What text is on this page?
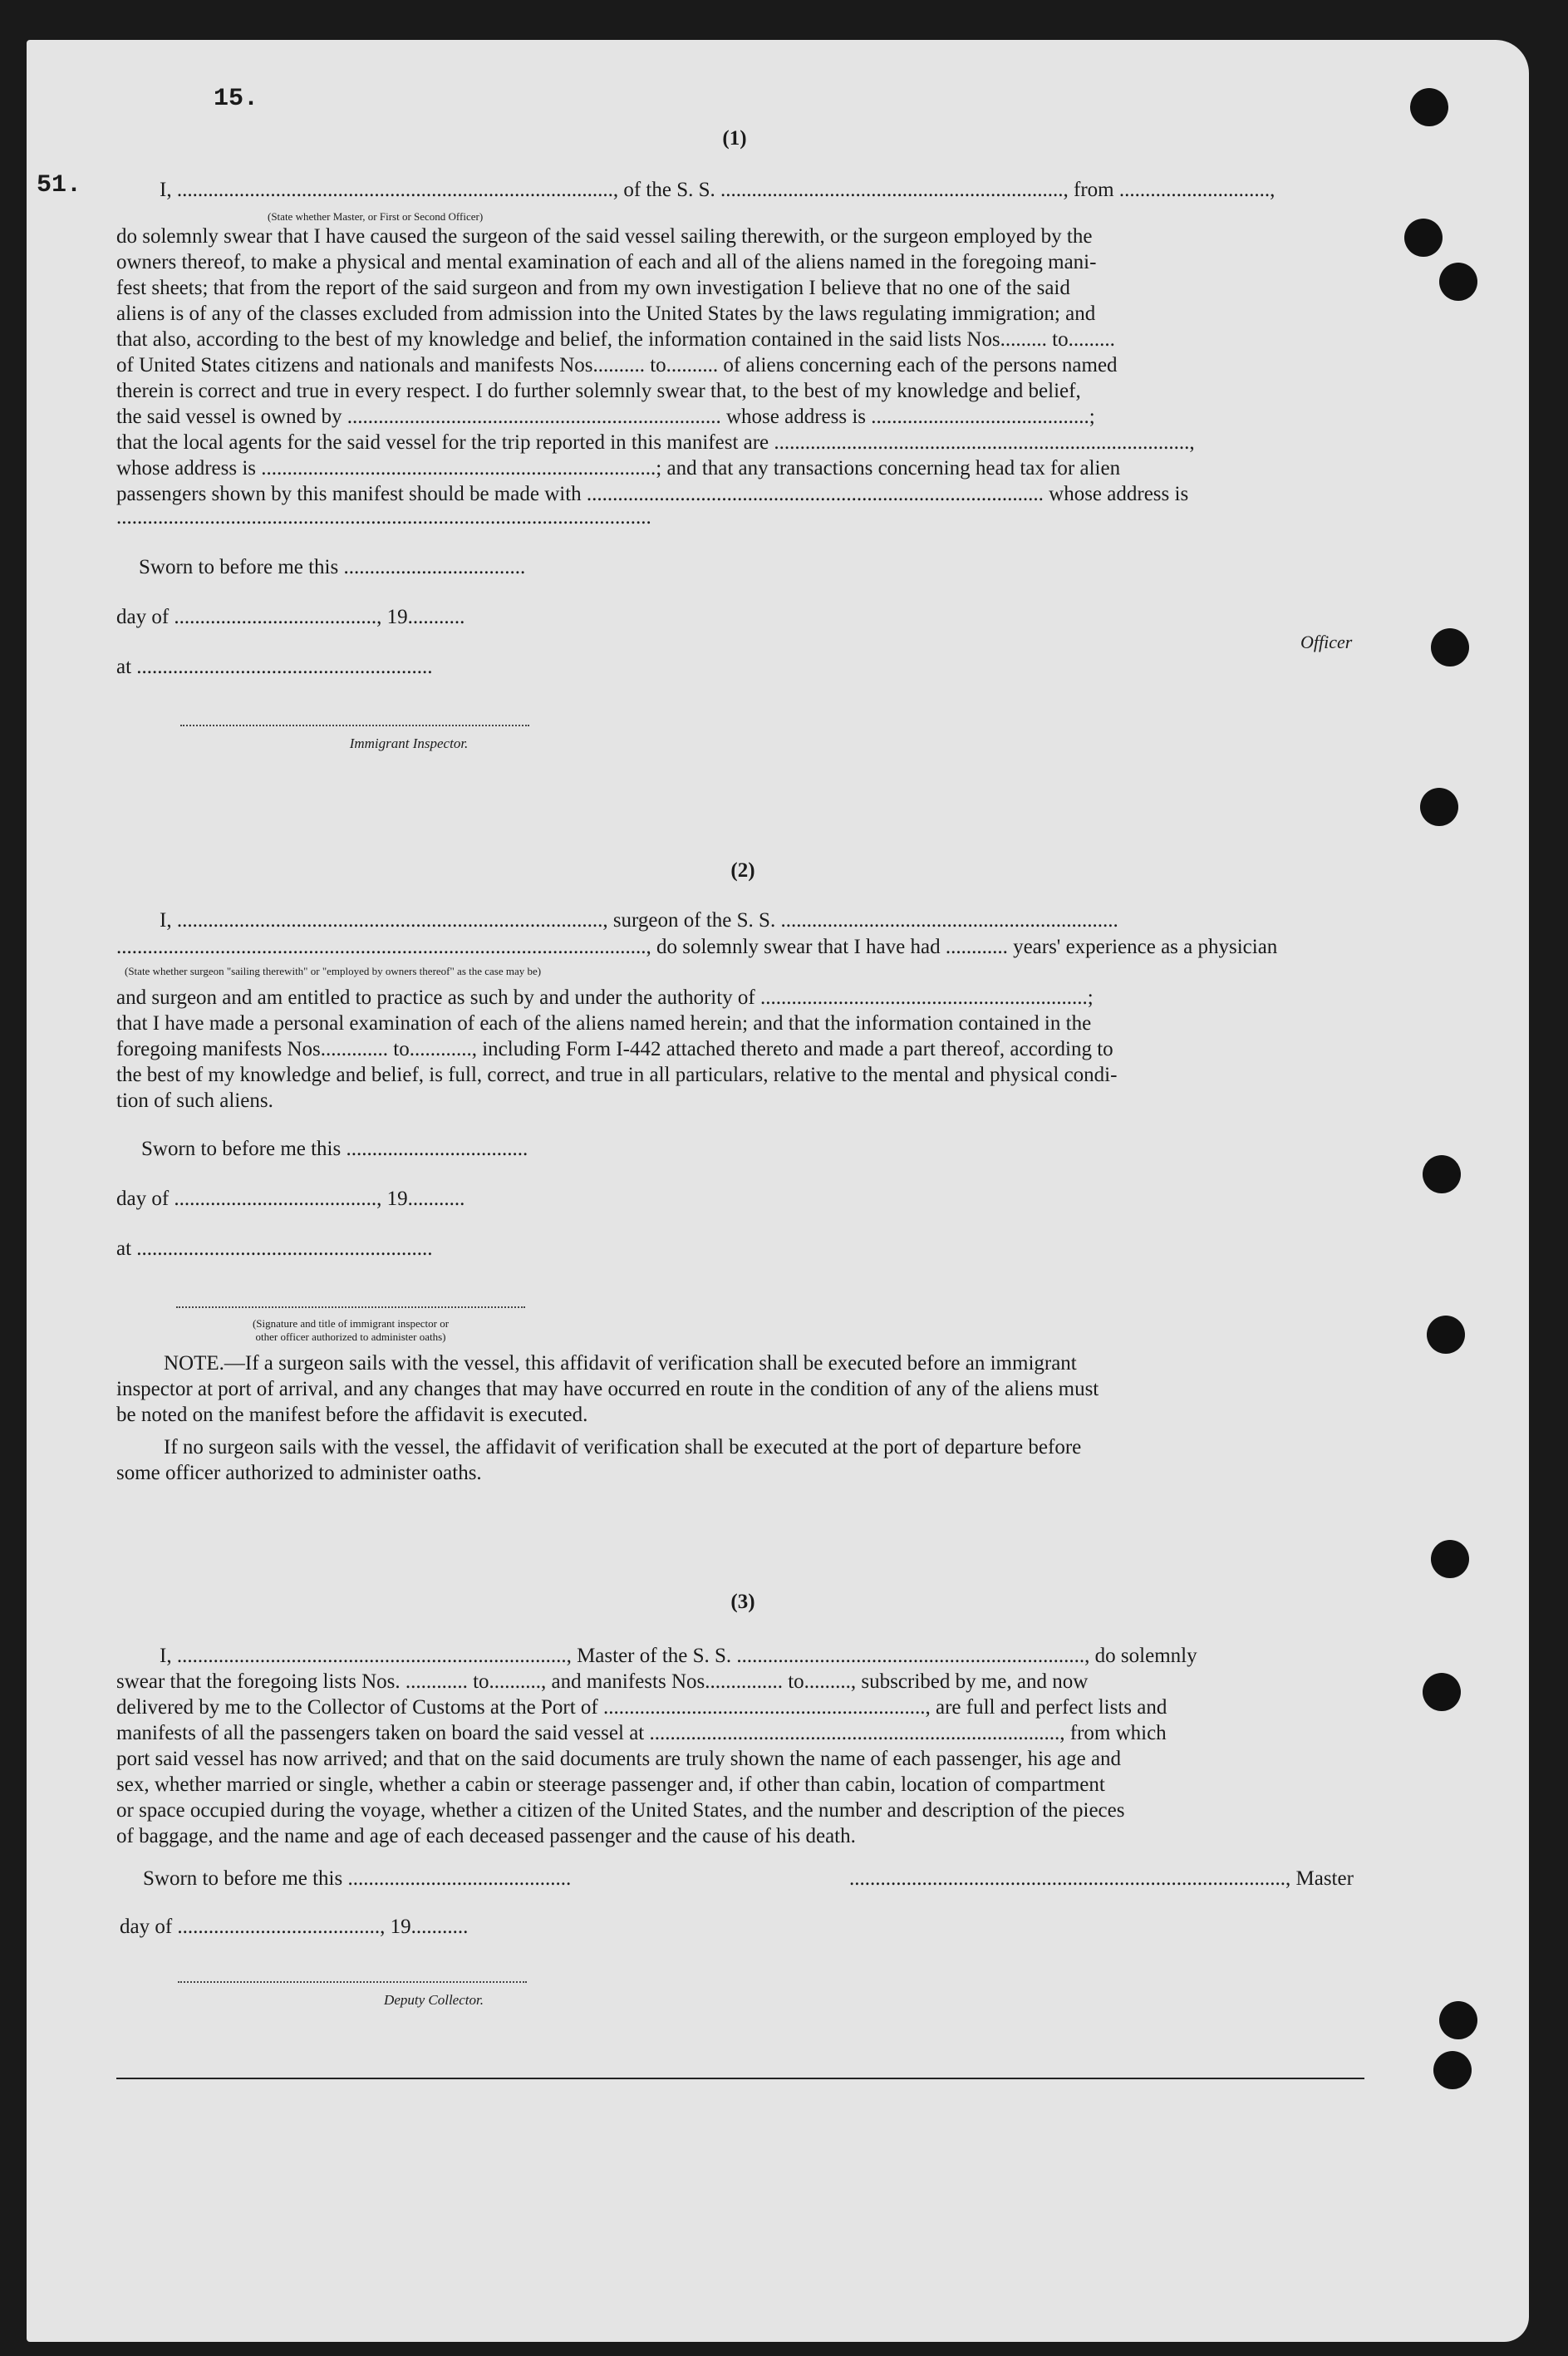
15.
51.
(1)
I, ...................................................................................., of the S. S. .................................................................., from .............................,
(State whether Master, or First or Second Officer)
do solemnly swear that I have caused the surgeon of the said vessel sailing therewith, or the surgeon employed by the
owners thereof, to make a physical and mental examination of each and all of the aliens named in the foregoing mani-
fest sheets; that from the report of the said surgeon and from my own investigation I believe that no one of the said
aliens is of any of the classes excluded from admission into the United States by the laws regulating immigration; and
that also, according to the best of my knowledge and belief, the information contained in the said lists Nos......... to.........
of United States citizens and nationals and manifests Nos.......... to.......... of aliens concerning each of the persons named
therein is correct and true in every respect. I do further solemnly swear that, to the best of my knowledge and belief,
the said vessel is owned by ........................................................................ whose address is ..........................................;
that the local agents for the said vessel for the trip reported in this manifest are ................................................................................,
whose address is ............................................................................; and that any transactions concerning head tax for alien
passengers shown by this manifest should be made with ........................................................................................ whose address is
.......................................................................................................
Sworn to before me this ...................................
day of ......................................., 19...........
Officer
at .........................................................
Immigrant Inspector.
(2)
I, .................................................................................., surgeon of the S. S. .................................................................
......................................................................................................, do solemnly swear that I have had ............ years' experience as a physician
(State whether surgeon "sailing therewith" or "employed by owners thereof" as the case may be)
and surgeon and am entitled to practice as such by and under the authority of ...............................................................;
that I have made a personal examination of each of the aliens named herein; and that the information contained in the
foregoing manifests Nos............. to............, including Form I-442 attached thereto and made a part thereof, according to
the best of my knowledge and belief, is full, correct, and true in all particulars, relative to the mental and physical condi-
tion of such aliens.
Sworn to before me this ...................................
day of ......................................., 19...........
at .........................................................
(Signature and title of immigrant inspector or
other officer authorized to administer oaths)
NOTE.—If a surgeon sails with the vessel, this affidavit of verification shall be executed before an immigrant
inspector at port of arrival, and any changes that may have occurred en route in the condition of any of the aliens must
be noted on the manifest before the affidavit is executed.
If no surgeon sails with the vessel, the affidavit of verification shall be executed at the port of departure before
some officer authorized to administer oaths.
(3)
I, ..........................................................................., Master of the S. S. ..................................................................., do solemnly
swear that the foregoing lists Nos. ............ to.........., and manifests Nos............... to........., subscribed by me, and now
delivered by me to the Collector of Customs at the Port of .............................................................., are full and perfect lists and
manifests of all the passengers taken on board the said vessel at ..............................................................................., from which
port said vessel has now arrived; and that on the said documents are truly shown the name of each passenger, his age and
sex, whether married or single, whether a cabin or steerage passenger and, if other than cabin, location of compartment
or space occupied during the voyage, whether a citizen of the United States, and the number and description of the pieces
of baggage, and the name and age of each deceased passenger and the cause of his death.
Sworn to before me this ...........................................	...................................................................................., Master
day of ......................................., 19...........
Deputy Collector.
